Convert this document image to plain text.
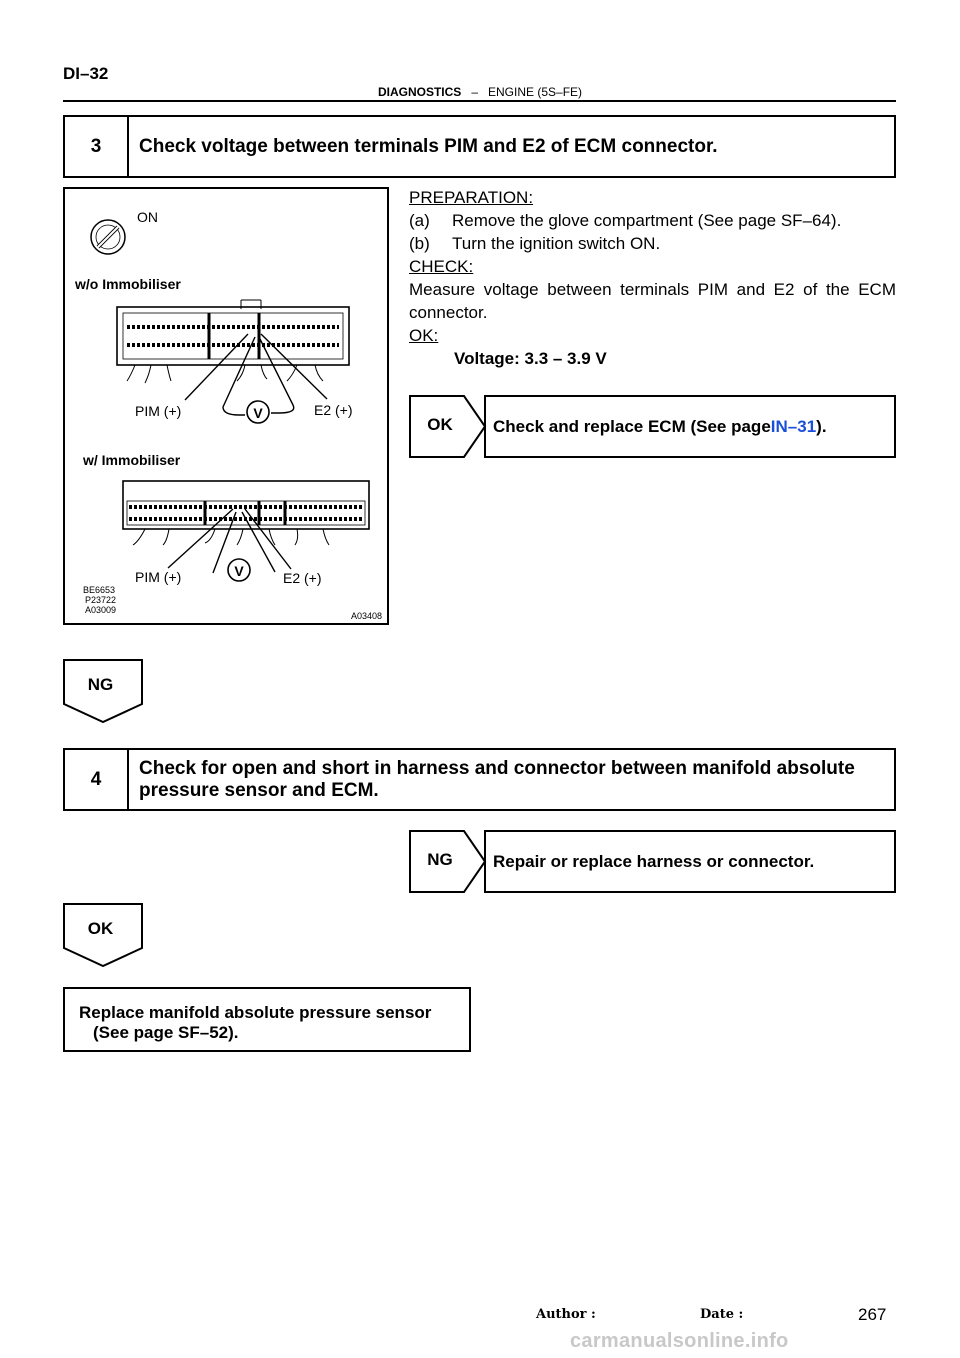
DI–32
DIAGNOSTICS – ENGINE (5S–FE)
3	Check voltage between terminals PIM and E2 of ECM connector.
V
V
ON
w/o Immobiliser
PIM (+)	E2 (+)
w/ Immobiliser
PIM (+)	E2 (+)
BE6653
P23722
A03009
A03408
PREPARATION:
(a)	Remove the glove compartment (See page SF–64).
(b)	Turn the ignition switch ON.
CHECK:
Measure voltage between terminals PIM and E2 of the ECM connector.
OK:
Voltage: 3.3 – 3.9 V
OK	Check and replace ECM (See page IN–31 ).
NG
4
Check for open and short in harness and connector between manifold absolute pressure sensor and ECM.
NG	Repair or replace harness or connector.
OK
Replace manifold absolute pressure sensor
(See page SF–52).
Author :	Date :	267
carmanualsonline.info
